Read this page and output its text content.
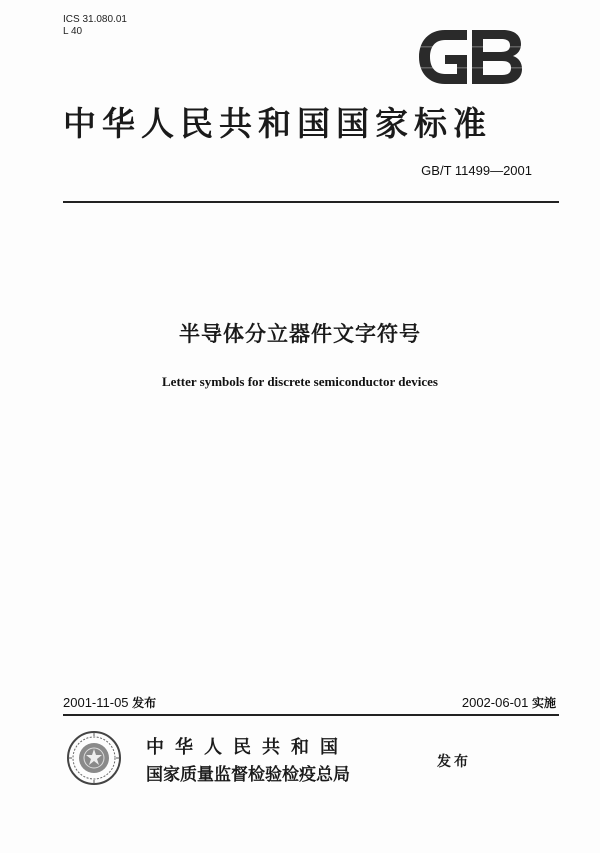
ICS 31.080.01
L 40
中华人民共和国国家标准
GB/T 11499—2001
半导体分立器件文字符号
Letter symbols for discrete semiconductor devices
2001-11-05 发布	2002-06-01 实施
中华人民共和国
国家质量监督检验检疫总局
发布
